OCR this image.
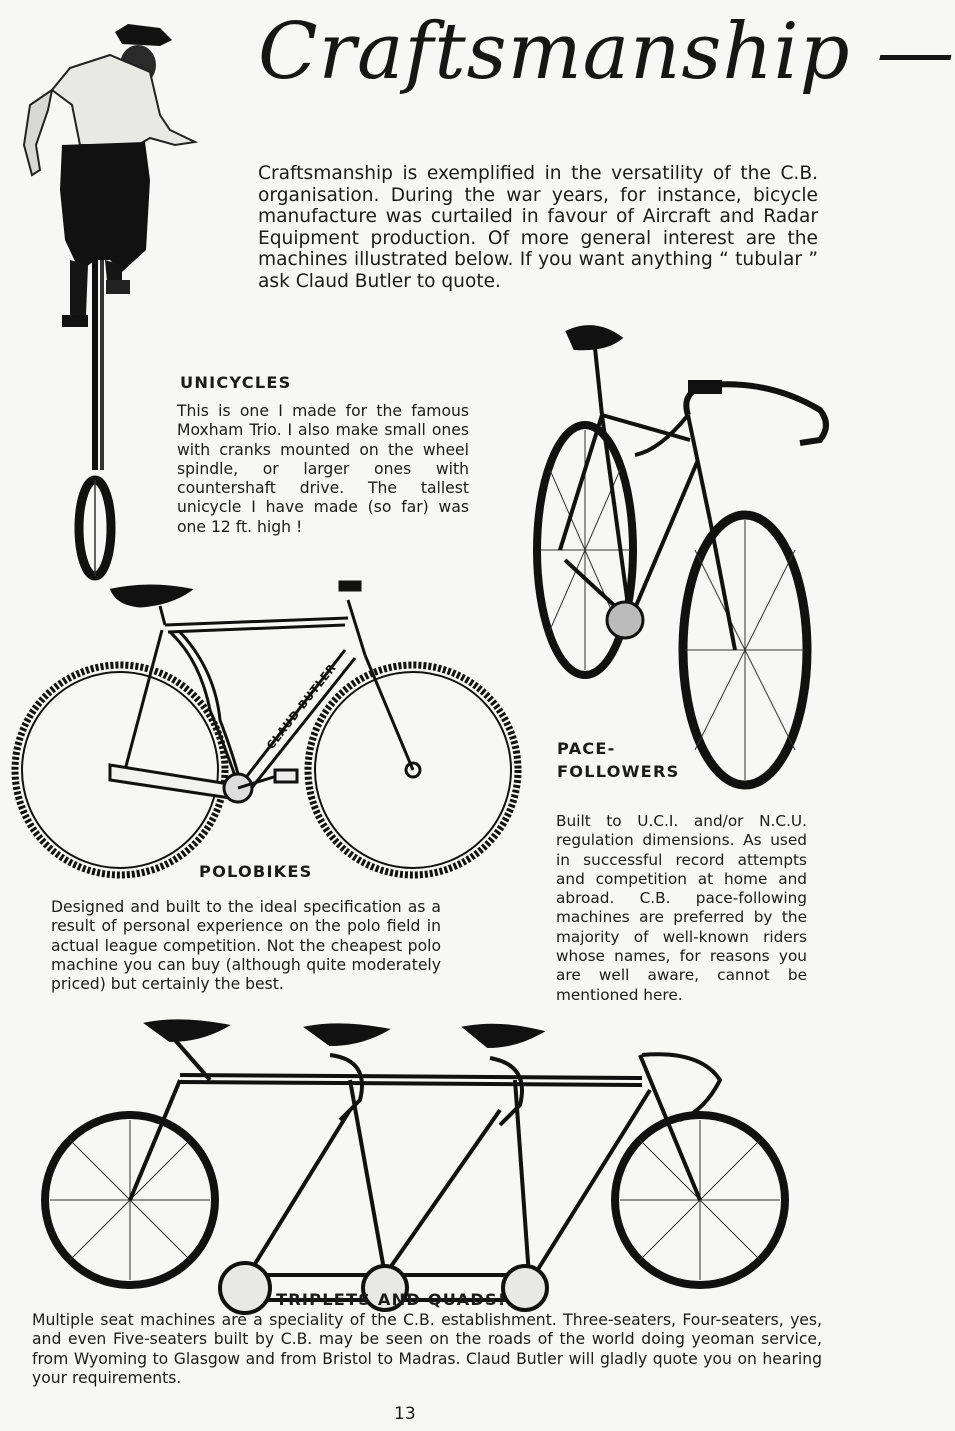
Craftsmanship —
Craftsmanship is exemplified in the versatility of the C.B. organisation. During the war years, for instance, bicycle manufacture was curtailed in favour of Aircraft and Radar Equipment production. Of more general interest are the machines illustrated below. If you want anything “ tubular ” ask Claud Butler to quote.
UNICYCLES
This is one I made for the famous Moxham Trio. I also make small ones with cranks mounted on the wheel spindle, or larger ones with countershaft drive. The tallest unicycle I have made (so far) was one 12 ft. high !
PACE-
FOLLOWERS
Built to U.C.I. and/or N.C.U. regulation dimensions. As used in successful record attempts and competition at home and abroad. C.B. pace-following machines are preferred by the majority of well-known riders whose names, for reasons you are well aware, cannot be mentioned here.
CLAUD BUTLER
POLOBIKES
Designed and built to the ideal specification as a result of personal experience on the polo field in actual league competition. Not the cheapest polo machine you can buy (although quite moderately priced) but certainly the best.
TRIPLETS AND QUADS!
Multiple seat machines are a speciality of the C.B. establishment. Three-seaters, Four-seaters, yes, and even Five-seaters built by C.B. may be seen on the roads of the world doing yeoman service, from Wyoming to Glasgow and from Bristol to Madras. Claud Butler will gladly quote you on hearing your requirements.
13
